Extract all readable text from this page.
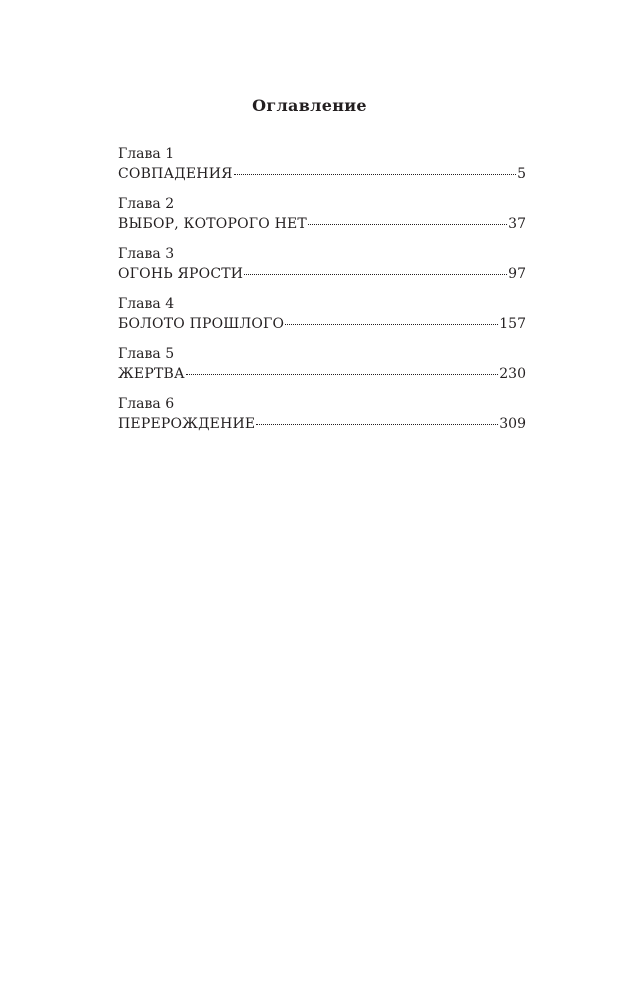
Оглавление
Глава 1
СОВПАДЕНИЯ	5
Глава 2
ВЫБОР, КОТОРОГО НЕТ	37
Глава 3
ОГОНЬ ЯРОСТИ	97
Глава 4
БОЛОТО ПРОШЛОГО	157
Глава 5
ЖЕРТВА	230
Глава 6
ПЕРЕРОЖДЕНИЕ	309
